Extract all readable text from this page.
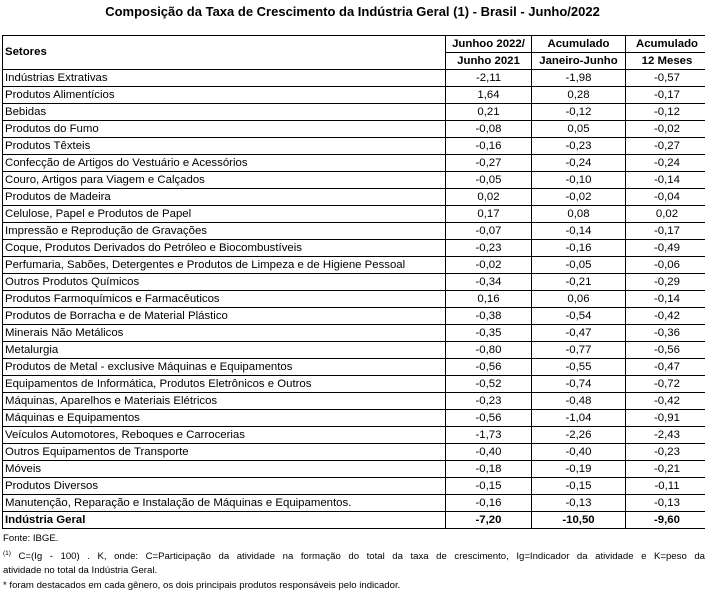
Composição da Taxa de Crescimento da Indústria Geral (1) - Brasil - Junho/2022
Setores	Junhoo 2022/	Acumulado	Acumulado
	Junho 2021	Janeiro-Junho	12 Meses
Indústrias Extrativas	-2,11	-1,98	-0,57
Produtos Alimentícios	1,64	0,28	-0,17
Bebidas	0,21	-0,12	-0,12
Produtos do Fumo	-0,08	0,05	-0,02
Produtos Têxteis	-0,16	-0,23	-0,27
Confecção de Artigos do Vestuário e Acessórios	-0,27	-0,24	-0,24
Couro, Artigos para Viagem e Calçados	-0,05	-0,10	-0,14
Produtos de Madeira	0,02	-0,02	-0,04
Celulose, Papel e Produtos de Papel	0,17	0,08	0,02
Impressão e Reprodução de Gravações	-0,07	-0,14	-0,17
Coque, Produtos Derivados do Petróleo e Biocombustíveis	-0,23	-0,16	-0,49
Perfumaria, Sabões, Detergentes e Produtos de Limpeza e de Higiene Pessoal	-0,02	-0,05	-0,06
Outros Produtos Químicos	-0,34	-0,21	-0,29
Produtos Farmoquímicos e Farmacêuticos	0,16	0,06	-0,14
Produtos de Borracha e de Material Plástico	-0,38	-0,54	-0,42
Minerais Não Metálicos	-0,35	-0,47	-0,36
Metalurgia	-0,80	-0,77	-0,56
Produtos de Metal - exclusive Máquinas e Equipamentos	-0,56	-0,55	-0,47
Equipamentos de Informática, Produtos Eletrônicos e Outros	-0,52	-0,74	-0,72
Máquinas, Aparelhos e Materiais Elétricos	-0,23	-0,48	-0,42
Máquinas e Equipamentos	-0,56	-1,04	-0,91
Veículos Automotores, Reboques e Carrocerias	-1,73	-2,26	-2,43
Outros Equipamentos de Transporte	-0,40	-0,40	-0,23
Móveis	-0,18	-0,19	-0,21
Produtos Diversos	-0,15	-0,15	-0,11
Manutenção, Reparação e Instalação de Máquinas e Equipamentos.	-0,16	-0,13	-0,13
Indústria Geral	-7,20	-10,50	-9,60

Fonte: IBGE.

$^{(1)}$ C=(Ig - 100) . K, onde: C=Participação da atividade na formação do total da taxa de crescimento, Ig=Indicador da atividade e K=peso da

atividade no total da Indústria Geral.

* foram destacados em cada gênero, os dois principais produtos responsáveis pelo indicador.
